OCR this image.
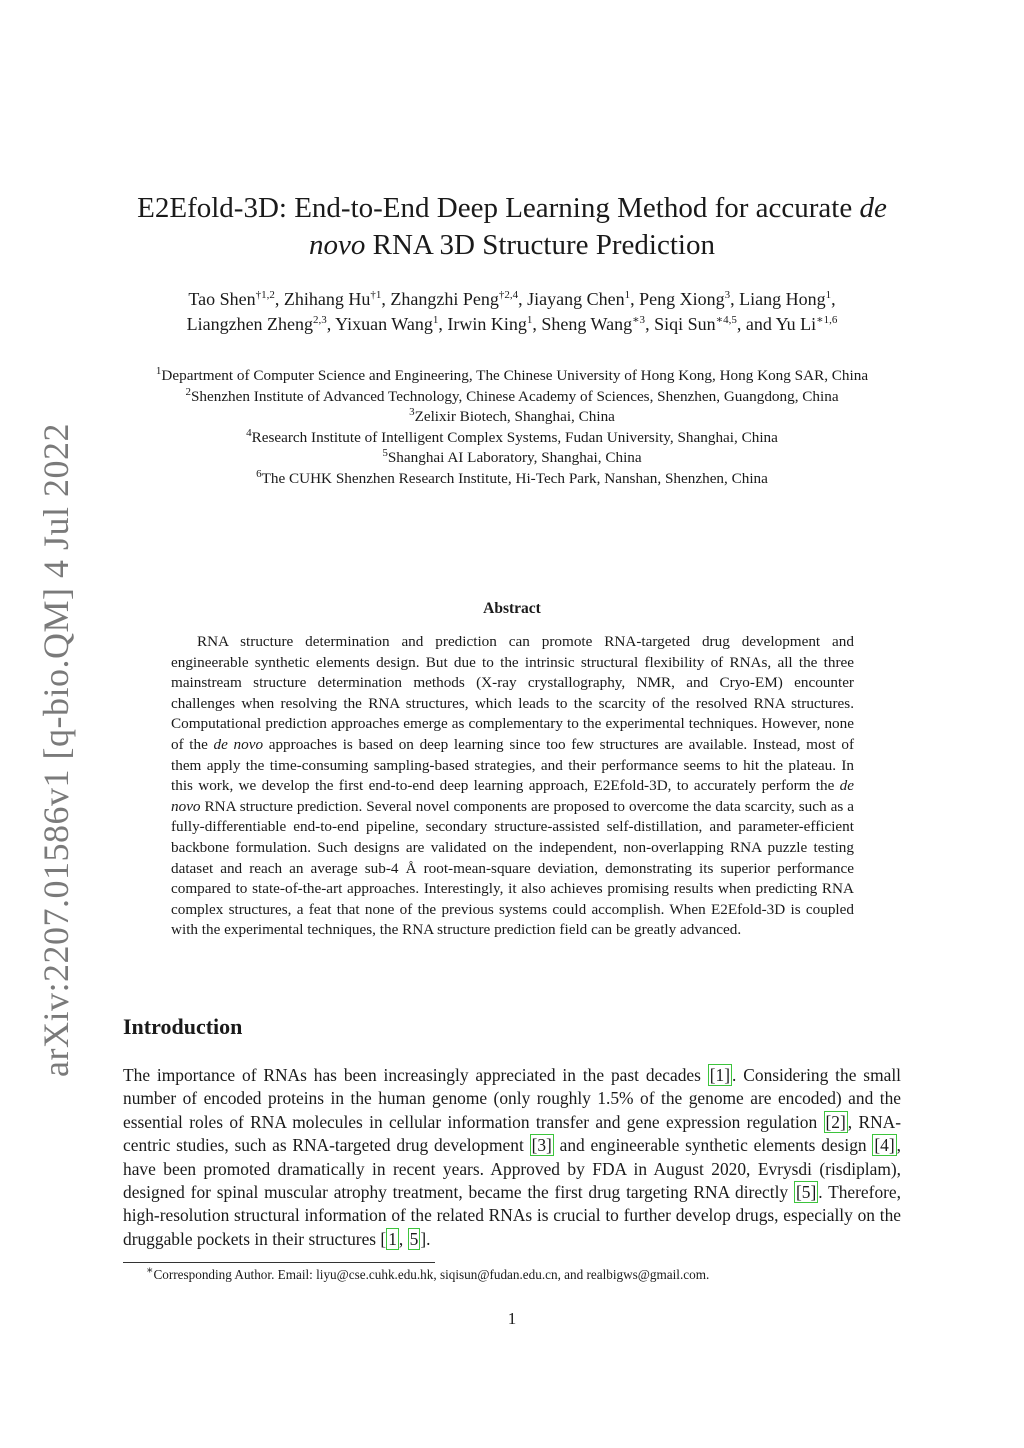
arXiv:2207.01586v1 [q-bio.QM] 4 Jul 2022
E2Efold-3D: End-to-End Deep Learning Method for accurate de
novo RNA 3D Structure Prediction
Tao Shen$^{\dagger 1,2}$, Zhihang Hu$^{\dagger 1}$, Zhangzhi Peng$^{\dagger 2,4}$, Jiayang Chen$^1$, Peng Xiong$^3$, Liang Hong$^1$,
Liangzhen Zheng$^{2,3}$, Yixuan Wang$^1$, Irwin King$^1$, Sheng Wang$^{∗3}$, Siqi Sun$^{∗4,5}$, and Yu $Li^{∗1,6}$
$^1$Department of Computer Science and Engineering, The Chinese University of Hong Kong, Hong Kong SAR, China
$^2$Shenzhen Institute of Advanced Technology, Chinese Academy of Sciences, Shenzhen, Guangdong, China
$^3$Zelixir Biotech, Shanghai, China
$^4$Research Institute of Intelligent Complex Systems, Fudan University, Shanghai, China
$^5$Shanghai AI Laboratory, Shanghai, China
$^6$The CUHK Shenzhen Research Institute, Hi-Tech Park, Nanshan, Shenzhen, China
Abstract
RNA structure determination and prediction can promote RNA-targeted drug development and engineerable synthetic elements design. But due to the intrinsic structural flexibility of RNAs, all the three mainstream structure determination methods (X-ray crystallography, NMR, and Cryo-EM) encounter challenges when resolving the RNA structures, which leads to the scarcity of the resolved RNA structures. Computational prediction approaches emerge as complementary to the experimental techniques. However, none of the de novo approaches is based on deep learning since too few structures are available. Instead, most of them apply the time-consuming sampling-based strategies, and their performance seems to hit the plateau. In this work, we develop the first end-to-end deep learning approach, E2Efold-3D, to accurately perform the de novo RNA structure prediction. Several novel components are proposed to overcome the data scarcity, such as a fully-differentiable end-to-end pipeline, secondary structure-assisted self-distillation, and parameter-efficient backbone formulation. Such designs are validated on the independent, non-overlapping RNA puzzle testing dataset and reach an average sub-4 Å root-mean-square deviation, demonstrating its superior performance compared to state-of-the-art approaches. Interestingly, it also achieves promising results when predicting RNA complex structures, a feat that none of the previous systems could accomplish. When E2Efold-3D is coupled with the experimental techniques, the RNA structure prediction field can be greatly advanced.
Introduction
The importance of RNAs has been increasingly appreciated in the past decades [1] . Considering the small number of encoded proteins in the human genome (only roughly 1.5% of the genome are encoded) and the essential roles of RNA molecules in cellular information transfer and gene expression regulation [2] , RNA-centric studies, such as RNA-targeted drug development [3] and engineerable synthetic elements design [4] , have been promoted dramatically in recent years. Approved by FDA in August 2020, Evrysdi (risdiplam), designed for spinal muscular atrophy treatment, became the first drug targeting RNA directly [5] . Therefore, high-resolution structural information of the related RNAs is crucial to further develop drugs, especially on the druggable pockets in their structures [ 1 , 5 ].
∗Corresponding Author. Email: liyu@cse.cuhk.edu.hk, siqisun@fudan.edu.cn, and realbigws@gmail.com.
1
